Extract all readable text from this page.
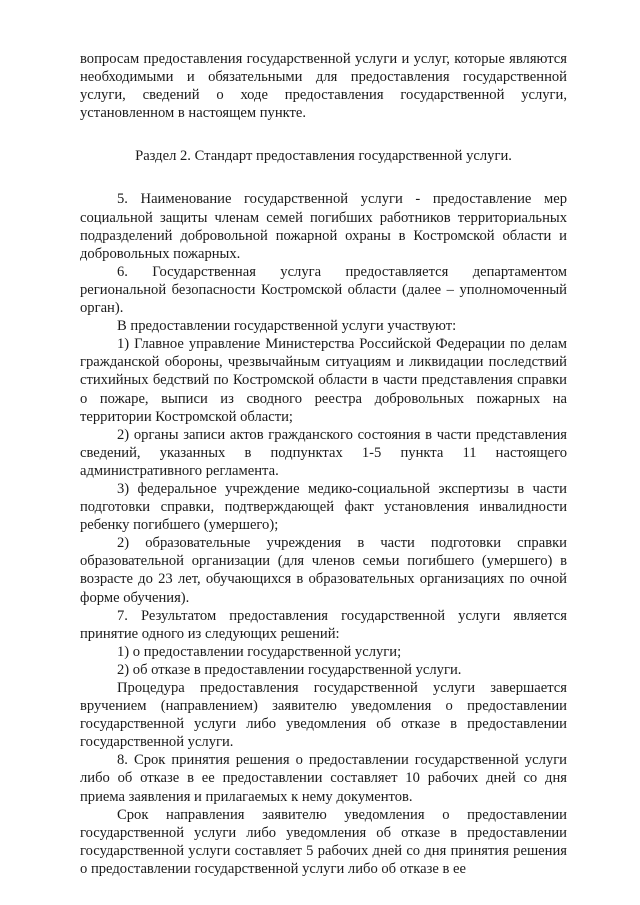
вопросам предоставления государственной услуги и услуг, которые являются необходимыми и обязательными для предоставления государственной услуги, сведений о ходе предоставления государственной услуги, установленном в настоящем пункте.

Раздел 2. Стандарт предоставления государственной услуги.

5. Наименование государственной услуги - предоставление мер социальной защиты членам семей погибших работников территориальных подразделений добровольной пожарной охраны в Костромской области и добровольных пожарных.

6. Государственная услуга предоставляется департаментом региональной безопасности Костромской области (далее – уполномоченный орган).

В предоставлении государственной услуги участвуют:

1) Главное управление Министерства Российской Федерации по делам гражданской обороны, чрезвычайным ситуациям и ликвидации последствий стихийных бедствий по Костромской области в части представления справки о пожаре, выписи из сводного реестра добровольных пожарных на территории Костромской области;

2) органы записи актов гражданского состояния в части представления сведений, указанных в подпунктах 1-5 пункта 11 настоящего административного регламента.

3) федеральное учреждение медико-социальной экспертизы в части подготовки справки, подтверждающей факт установления инвалидности ребенку погибшего (умершего);

2) образовательные учреждения в части подготовки справки образовательной организации (для членов семьи погибшего (умершего) в возрасте до 23 лет, обучающихся в образовательных организациях по очной форме обучения).

7. Результатом предоставления государственной услуги является принятие одного из следующих решений:

1) о предоставлении государственной услуги;

2) об отказе в предоставлении государственной услуги.

Процедура предоставления государственной услуги завершается вручением (направлением) заявителю уведомления о предоставлении государственной услуги либо уведомления об отказе в предоставлении государственной услуги.

8. Срок принятия решения о предоставлении государственной услуги либо об отказе в ее предоставлении составляет 10 рабочих дней со дня приема заявления и прилагаемых к нему документов.

Срок направления заявителю уведомления о предоставлении государственной услуги либо уведомления об отказе в предоставлении государственной услуги составляет 5 рабочих дней со дня принятия решения о предоставлении государственной услуги либо об отказе в ее
